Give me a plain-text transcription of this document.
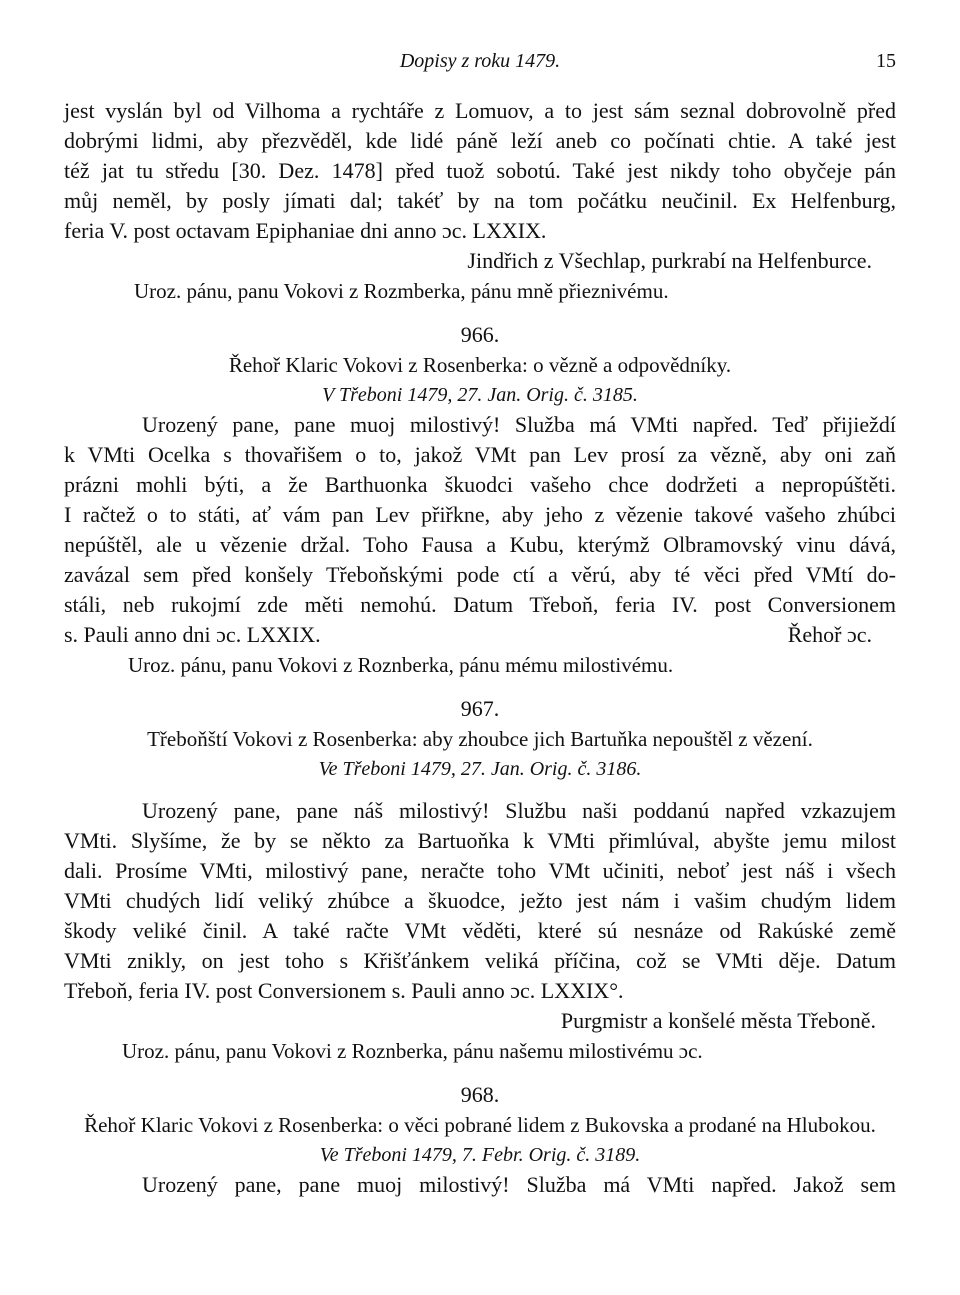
Dopisy z roku 1479.	15
jest vyslán byl od Vilhoma a rychtáře z Lomuov, a to jest sám seznal dobrovolně před
dobrými lidmi, aby přezvěděl, kde lidé páně leží aneb co počínati chtie. A také jest
též jat tu středu [30. Dez. 1478] před tuož sobotú. Také jest nikdy toho obyčeje pán
můj neměl, by posly jímati dal; takéť by na tom počátku neučinil. Ex Helfenburg,
feria V. post octavam Epiphaniae dni anno ɔc. LXXIX.
Jindřich z Všechlap, purkrabí na Helfenburce.
Uroz. pánu, panu Vokovi z Rozmberka, pánu mně přieznivému.
966.
Řehoř Klaric Vokovi z Rosenberka: o vězně a odpovědníky.
V Třeboni 1479, 27. Jan. Orig. č. 3185.
Urozený pane, pane muoj milostivý! Služba má VMti napřed. Teď přijieždí
k VMti Ocelka s thovařišem o to, jakož VMt pan Lev prosí za vězně, aby oni zaň
prázni mohli býti, a že Barthuonka škuodci vašeho chce dodržeti a nepropúštěti.
I račtež o to státi, ať vám pan Lev přiřkne, aby jeho z vězenie takové vašeho zhúbci
nepúštěl, ale u vězenie držal. Toho Fausa a Kubu, kterýmž Olbramovský vinu dává,
zavázal sem před konšely Třeboňskými pode ctí a věrú, aby té věci před VMtí do-
stáli, neb rukojmí zde měti nemohú. Datum Třeboň, feria IV. post Conversionem
s. Pauli anno dni ɔc. LXXIX.	Řehoř ɔc.
Uroz. pánu, panu Vokovi z Roznberka, pánu mému milostivému.
967.
Třeboňští Vokovi z Rosenberka: aby zhoubce jich Bartuňka nepouštěl z vězení.
Ve Třeboni 1479, 27. Jan. Orig. č. 3186.
Urozený pane, pane náš milostivý! Službu naši poddanú napřed vzkazujem
VMti. Slyšíme, že by se někto za Bartuoňka k VMti přimlúval, abyšte jemu milost
dali. Prosíme VMti, milostivý pane, neračte toho VMt učiniti, neboť jest náš i všech
VMti chudých lidí veliký zhúbce a škuodce, ježto jest nám i vašim chudým lidem
škody veliké činil. A také račte VMt věděti, které sú nesnáze od Rakúské země
VMti znikly, on jest toho s Křišťánkem veliká příčina, což se VMti děje. Datum
Třeboň, feria IV. post Conversionem s. Pauli anno ɔc. LXXIX°.
Purgmistr a konšelé města Třeboně.
Uroz. pánu, panu Vokovi z Roznberka, pánu našemu milostivému ɔc.
968.
Řehoř Klaric Vokovi z Rosenberka: o věci pobrané lidem z Bukovska a prodané na Hlubokou.
Ve Třeboni 1479, 7. Febr. Orig. č. 3189.
Urozený pane, pane muoj milostivý! Služba má VMti napřed. Jakož sem
